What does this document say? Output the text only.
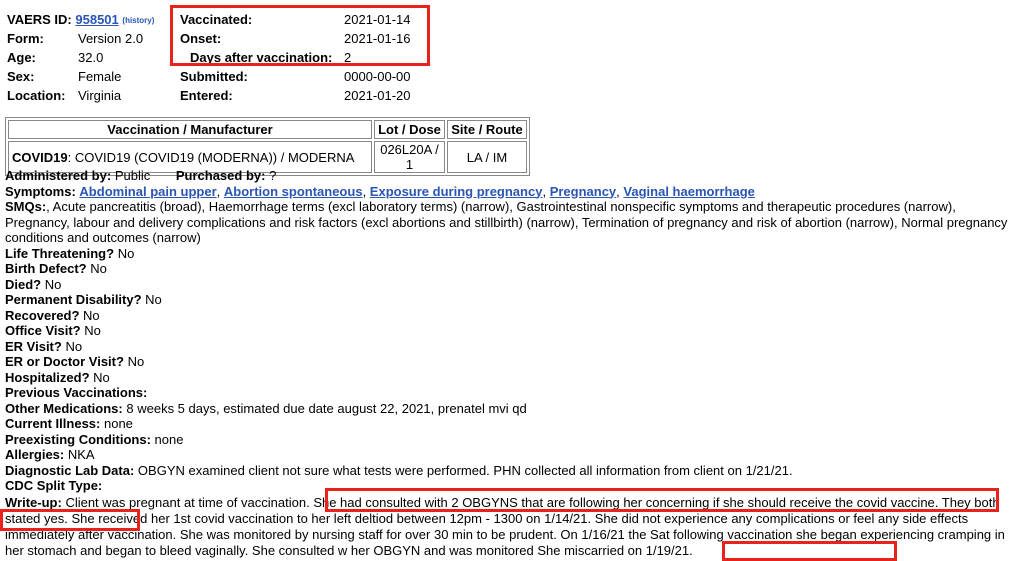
VAERS ID: 958501 (history)
Form:	Version 2.0
Age:	32.0
Sex:	Female
Location: Virginia
Vaccinated:	2021-01-14
Onset:	2021-01-16
Days after vaccination: 2
Submitted:	0000-00-00
Entered:	2021-01-20
Vaccination / Manufacturer	Lot / Dose	Site / Route
COVID19: COVID19 (COVID19 (MODERNA)) / MODERNA	026L20A / 1	LA / IM
Administered by: Public Purchased by: ?
Symptoms: Abdominal pain upper, Abortion spontaneous, Exposure during pregnancy, Pregnancy, Vaginal haemorrhage
SMQs:, Acute pancreatitis (broad), Haemorrhage terms (excl laboratory terms) (narrow), Gastrointestinal nonspecific symptoms and therapeutic procedures (narrow), Pregnancy, labour and delivery complications and risk factors (excl abortions and stillbirth) (narrow), Termination of pregnancy and risk of abortion (narrow), Normal pregnancy conditions and outcomes (narrow)
Life Threatening? No
Birth Defect? No
Died? No
Permanent Disability? No
Recovered? No
Office Visit? No
ER Visit? No
ER or Doctor Visit? No
Hospitalized? No
Previous Vaccinations:
Other Medications: 8 weeks 5 days, estimated due date august 22, 2021, prenatel mvi qd
Current Illness: none
Preexisting Conditions: none
Allergies: NKA
Diagnostic Lab Data: OBGYN examined client not sure what tests were performed. PHN collected all information from client on 1/21/21.
CDC Split Type:
Write-up: Client was pregnant at time of vaccination. She had consulted with 2 OBGYNS that are following her concerning if she should receive the covid vaccine. They both stated yes. She received her 1st covid vaccination to her left deltiod between 12pm - 1300 on 1/14/21. She did not experience any complications or feel any side effects immediately after vaccination. She was monitored by nursing staff for over 30 min to be prudent. On 1/16/21 the Sat following vaccination she began experiencing cramping in her stomach and began to bleed vaginally. She consulted w her OBGYN and was monitored She miscarried on 1/19/21.
